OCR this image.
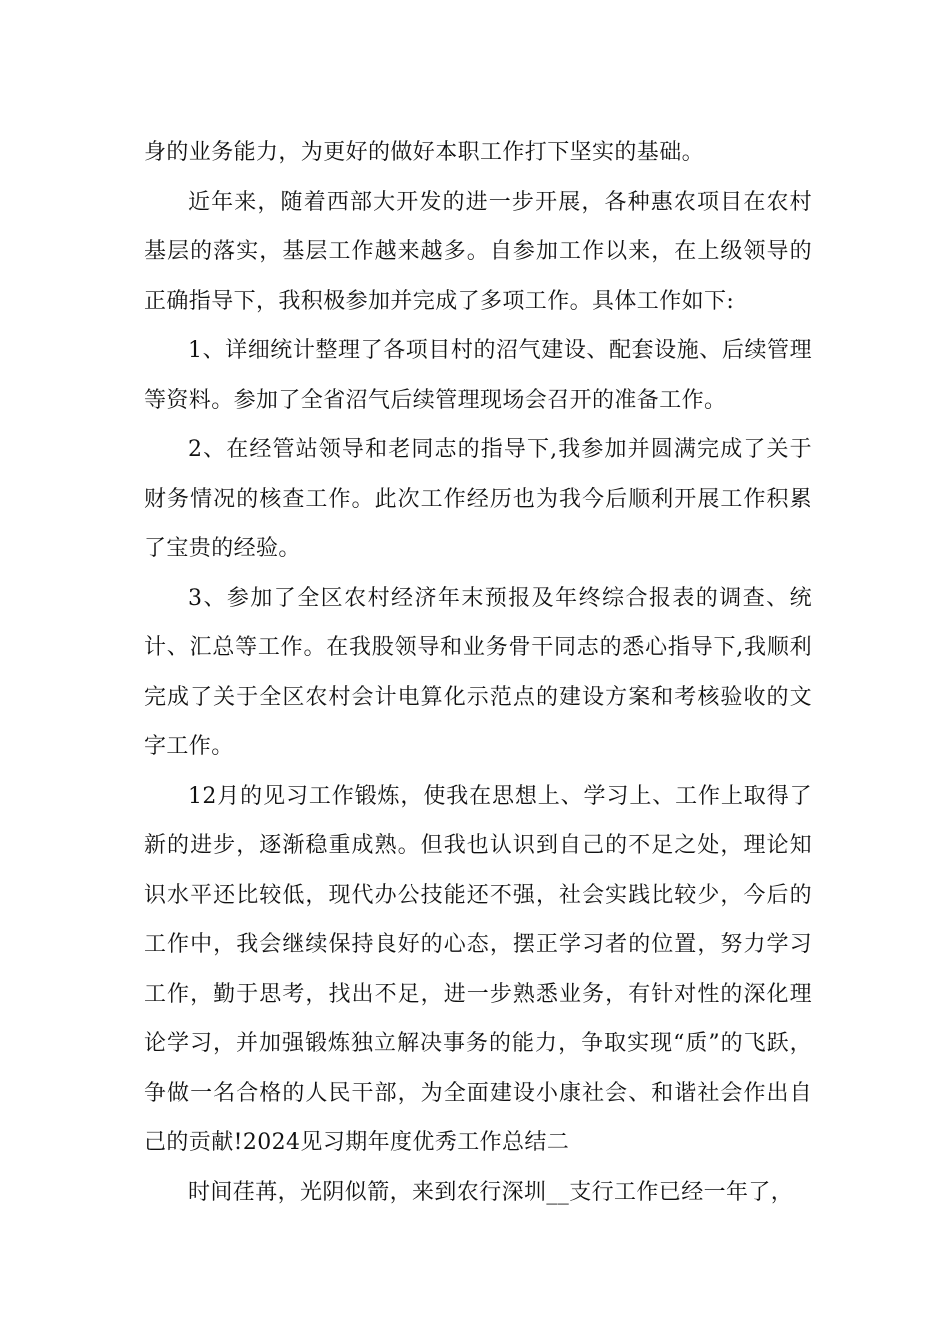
身的业务能力，为更好的做好本职工作打下坚实的基础。

近年来，随着西部大开发的进一步开展，各种惠农项目在农村基层的落实，基层工作越来越多。自参加工作以来，在上级领导的正确指导下，我积极参加并完成了多项工作。具体工作如下:

1、详细统计整理了各项目村的沼气建设、配套设施、后续管理等资料。参加了全省沼气后续管理现场会召开的准备工作。

2、在经管站领导和老同志的指导下,我参加并圆满完成了关于财务情况的核查工作。此次工作经历也为我今后顺利开展工作积累了宝贵的经验。

3、参加了全区农村经济年末预报及年终综合报表的调查、统计、汇总等工作。在我股领导和业务骨干同志的悉心指导下,我顺利完成了关于全区农村会计电算化示范点的建设方案和考核验收的文字工作。

12月的见习工作锻炼，使我在思想上、学习上、工作上取得了新的进步，逐渐稳重成熟。但我也认识到自己的不足之处，理论知识水平还比较低，现代办公技能还不强，社会实践比较少，今后的工作中，我会继续保持良好的心态，摆正学习者的位置，努力学习工作，勤于思考，找出不足，进一步熟悉业务，有针对性的深化理论学习，并加强锻炼独立解决事务的能力，争取实现“质”的飞跃，争做一名合格的人民干部，为全面建设小康社会、和谐社会作出自己的贡献!2024见习期年度优秀工作总结二

时间荏苒，光阴似箭，来到农行深圳__支行工作已经一年了，
